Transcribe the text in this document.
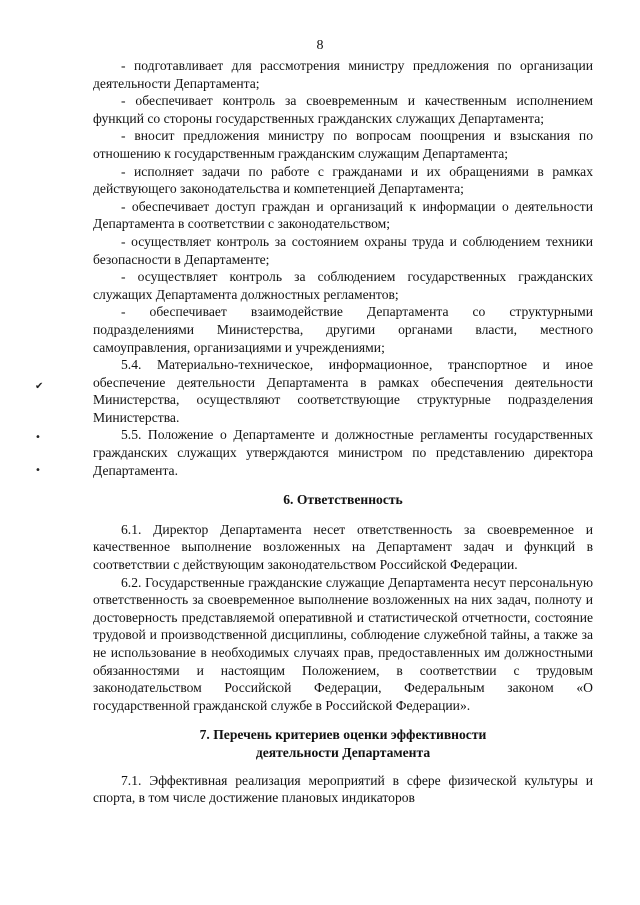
8
✔
•
•

- подготавливает для рассмотрения министру предложения по организации деятельности Департамента;

- обеспечивает контроль за своевременным и качественным исполнением функций со стороны государственных гражданских служащих Департамента;

- вносит предложения министру по вопросам поощрения и взыскания по отношению к государственным гражданским служащим Департамента;

- исполняет задачи по работе с гражданами и их обращениями в рамках действующего законодательства и компетенцией Департамента;

- обеспечивает доступ граждан и организаций к информации о деятельности Департамента в соответствии с законодательством;

- осуществляет контроль за состоянием охраны труда и соблюдением техники безопасности в Департаменте;

- осуществляет контроль за соблюдением государственных гражданских служащих Департамента должностных регламентов;

- обеспечивает взаимодействие Департамента со структурными подразделениями Министерства, другими органами власти, местного самоуправления, организациями и учреждениями;

5.4. Материально-техническое, информационное, транспортное и иное обеспечение деятельности Департамента в рамках обеспечения деятельности Министерства, осуществляют соответствующие структурные подразделения Министерства.

5.5. Положение о Департаменте и должностные регламенты государственных гражданских служащих утверждаются министром по представлению директора Департамента.

6. Ответственность

6.1. Директор Департамента несет ответственность за своевременное и качественное выполнение возложенных на Департамент задач и функций в соответствии с действующим законодательством Российской Федерации.

6.2. Государственные гражданские служащие Департамента несут персональную ответственность за своевременное выполнение возложенных на них задач, полноту и достоверность представляемой оперативной и статистической отчетности, состояние трудовой и производственной дисциплины, соблюдение служебной тайны, а также за не использование в необходимых случаях прав, предоставленных им должностными обязанностями и настоящим Положением, в соответствии с трудовым законодательством Российской Федерации, Федеральным законом «О государственной гражданской службе в Российской Федерации».

7. Перечень критериев оценки эффективности
деятельности Департамента

7.1. Эффективная реализация мероприятий в сфере физической культуры и спорта, в том числе достижение плановых индикаторов
